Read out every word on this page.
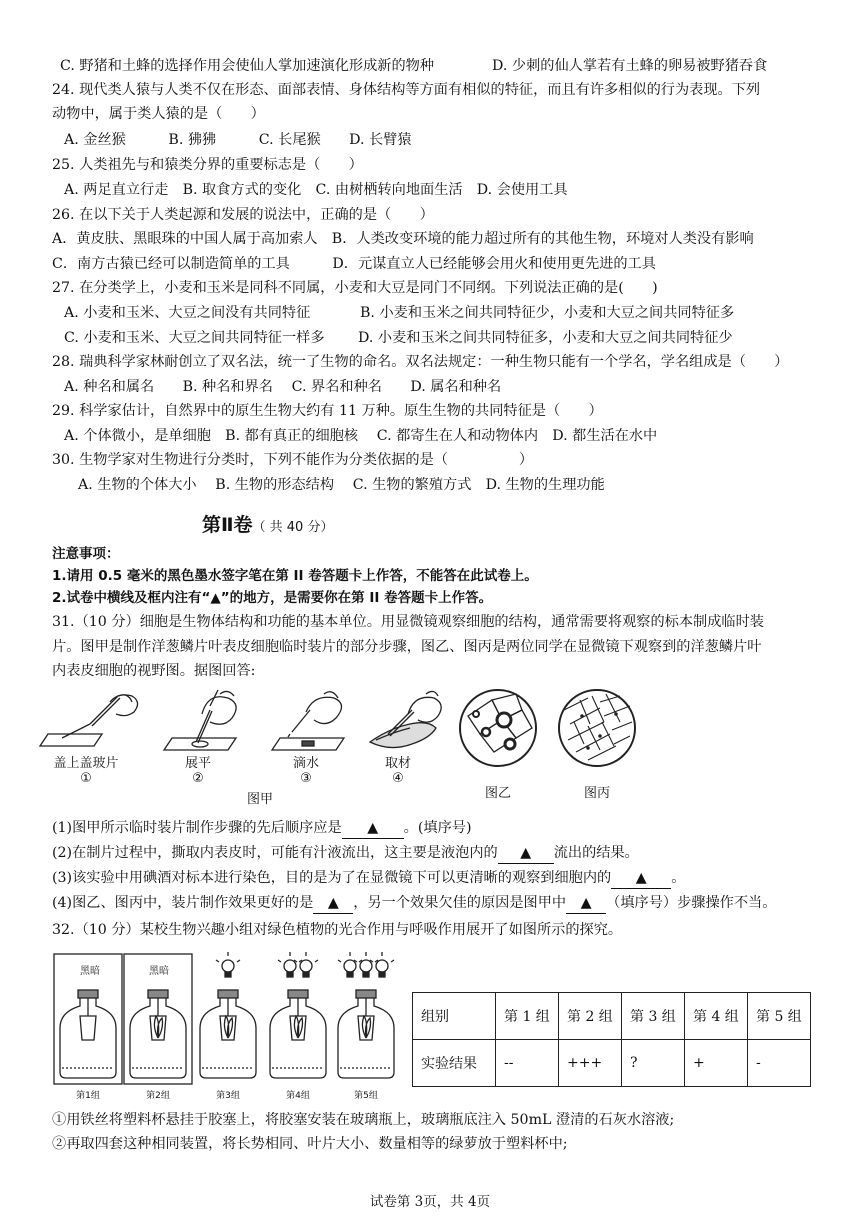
C. 野猪和土蜂的选择作用会使仙人掌加速演化形成新的物种	D. 少刺的仙人掌若有土蜂的卵易被野猪吞食
24. 现代类人猿与人类不仅在形态、面部表情、身体结构等方面有相似的特征，而且有许多相似的行为表现。下列
动物中，属于类人猿的是（　　）
A. 金丝猴　　　B. 狒狒　　　C. 长尾猴　　D. 长臂猿
25. 人类祖先与和猿类分界的重要标志是（　　）
A. 两足直立行走　B. 取食方式的变化　C. 由树栖转向地面生活　D. 会使用工具
26. 在以下关于人类起源和发展的说法中，正确的是（　　）
A．黄皮肤、黑眼珠的中国人属于高加索人　B．人类改变环境的能力超过所有的其他生物，环境对人类没有影响
C．南方古猿已经可以制造简单的工具　　　D．元谋直立人已经能够会用火和使用更先进的工具
27. 在分类学上，小麦和玉米是同科不同属，小麦和大豆是同门不同纲。下列说法正确的是(　　)
A. 小麦和玉米、大豆之间没有共同特征	B. 小麦和玉米之间共同特征少，小麦和大豆之间共同特征多
C. 小麦和玉米、大豆之间共同特征一样多 D. 小麦和玉米之间共同特征多，小麦和大豆之间共同特征少
28. 瑞典科学家林耐创立了双名法，统一了生物的命名。双名法规定：一种生物只能有一个学名，学名组成是（　　）
A. 种名和属名　　B. 种名和界名　 C. 界名和种名　　D. 属名和种名
29. 科学家估计，自然界中的原生生物大约有 11 万种。原生生物的共同特征是（　　）
A. 个体微小，是单细胞　B. 都有真正的细胞核　 C. 都寄生在人和动物体内　D. 都生活在水中
30. 生物学家对生物进行分类时，下列不能作为分类依据的是（　　　　　）
A. 生物的个体大小　 B. 生物的形态结构　 C. 生物的繁殖方式　D. 生物的生理功能
第Ⅱ卷（ 共 40 分）
注意事项：
1.请用 0.5 毫米的黑色墨水签字笔在第 II 卷答题卡上作答，不能答在此试卷上。
2.试卷中横线及框内注有“▲”的地方，是需要你在第 II 卷答题卡上作答。
31.（10 分）细胞是生物体结构和功能的基本单位。用显微镜观察细胞的结构，通常需要将观察的标本制成临时装
片。图甲是制作洋葱鳞片叶表皮细胞临时装片的部分步骤，图乙、图丙是两位同学在显微镜下观察到的洋葱鳞片叶
内表皮细胞的视野图。据图回答:
盖上盖玻片
①
展平
②
滴水
③
取材
④
图甲	图乙	图丙
(1)图甲所示临时装片制作步骤的先后顺序应是 ▲ 。(填序号)
(2)在制片过程中，撕取内表皮时，可能有汁液流出，这主要是液泡内的 ▲ 流出的结果。
(3)该实验中用碘酒对标本进行染色，目的是为了在显微镜下可以更清晰的观察到细胞内的 ▲ 。
(4)图乙、图丙中，装片制作效果更好的是 ▲ ，另一个效果欠佳的原因是图甲中 ▲ （填序号）步骤操作不当。
32.（10 分）某校生物兴趣小组对绿色植物的光合作用与呼吸作用展开了如图所示的探究。
黑暗	黑暗
第1组	第2组	第3组	第4组	第5组
组别	第 1 组	第 2 组	第 3 组	第 4 组	第 5 组
实验结果	--	+++	?	+	-
①用铁丝将塑料杯悬挂于胶塞上，将胶塞安装在玻璃瓶上，玻璃瓶底注入 50mL 澄清的石灰水溶液;
②再取四套这种相同装置，将长势相同、叶片大小、数量相等的绿萝放于塑料杯中;
试卷第 3页，共 4页
